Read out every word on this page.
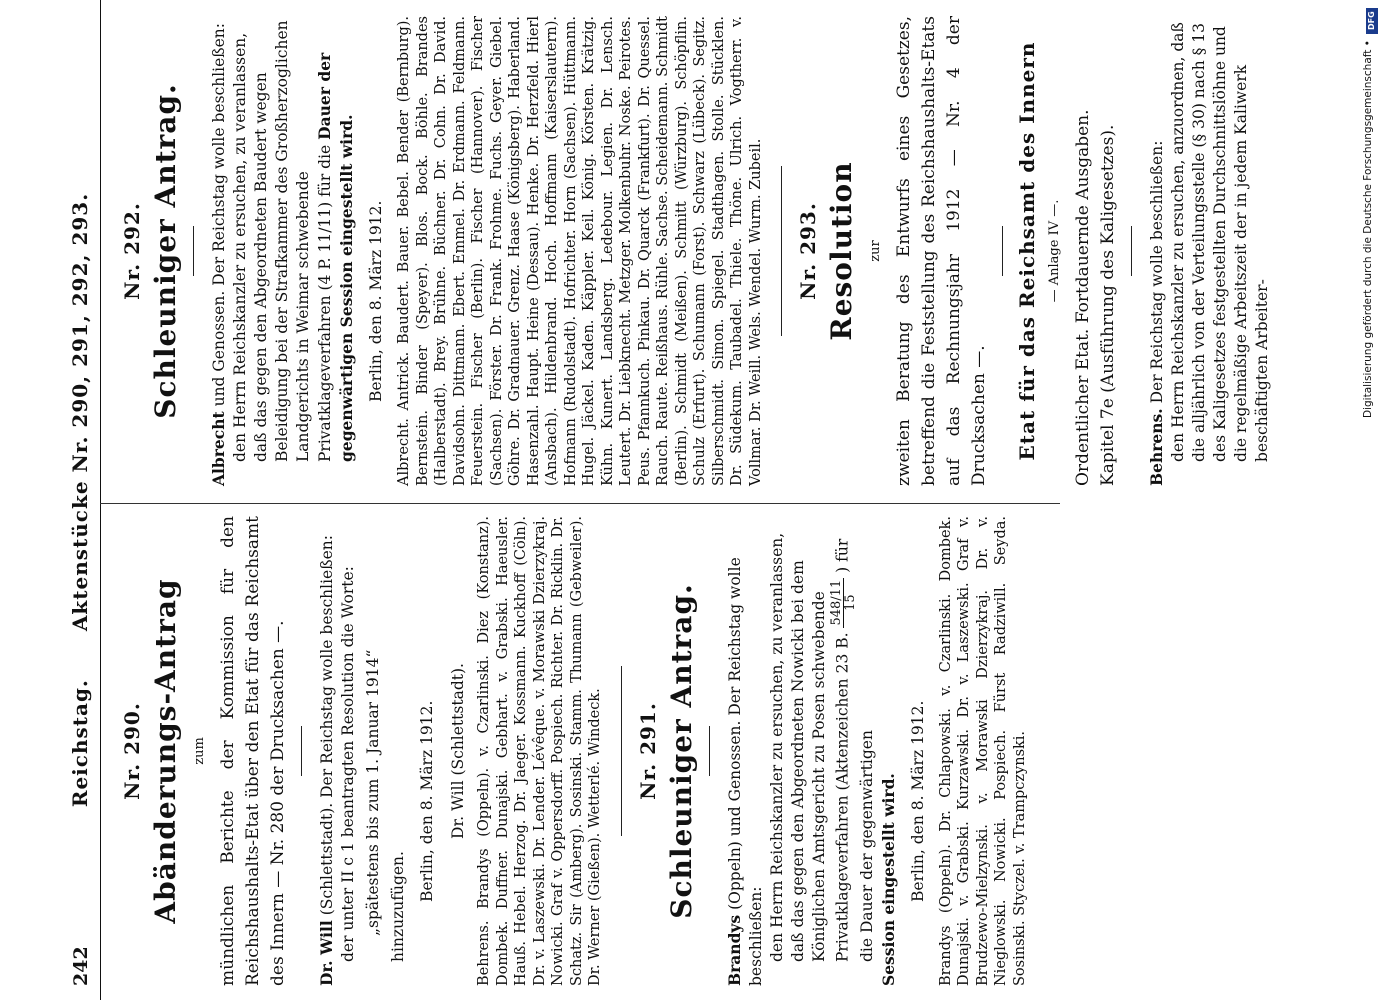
242
Reichstag. Aktenstücke Nr. 290, 291, 292, 293.
Nr. 290. Abänderungs-Antrag zum mündlichen Berichte der Kommission für den Reichshaushalts-Etat über den Etat für das Reichsamt des Innern — Nr. 280 der Drucksachen —. Dr. Will (Schlettstadt). Der Reichstag wolle beschließen: der unter II c 1 beantragten Resolution die Worte: „spätestens bis zum 1. Januar 1914“ hinzuzufügen.

Berlin, den 8. März 1912. Dr. Will (Schlettstadt). Behrens. Brandys (Oppeln). v. Czarlinski. Diez (Konstanz). Dombek. Duffner. Dunajski. Gebhart. v. Grabski. Haeusler. Hauß. Hebel. Herzog. Dr. Jaeger. Kossmann. Kuckhoff (Cöln). Dr. v. Laszewski. Dr. Lender. Lévêque. v. Morawski Dzierzykraj. Nowicki. Graf v. Oppersdorff. Pospiech. Richter. Dr. Ricklin. Dr. Schatz. Sir (Amberg). Sosinski. Stamm. Thumann (Gebweiler). Dr. Werner (Gießen). Wetterlé. Windeck. Nr. 291. Schleuniger Antrag.

Brandys (Oppeln) und Genossen. Der Reichstag wolle beschließen: den Herrn Reichskanzler zu ersuchen, zu veranlassen, daß das gegen den Abgeordneten Nowicki bei dem Königlichen Amtsgericht zu Posen schwebende Privatklageverfahren (Aktenzeichen 23 B.
548/11 15
) für die Dauer der gegenwärtigen Session eingestellt wird. Berlin, den 8. März 1912. Brandys (Oppeln). Dr. Chlapowski. v. Czarlinski. Dombek. Dunajski. v. Grabski. Kurzawski. Dr. v. Laszewski. Graf v. Brudzewo-Mielzynski. v. Morawski Dzierzykraj. Dr. v. Nieglowski. Nowicki. Pospiech. Fürst Radziwill. Seyda. Sosinski. Styczel. v. Trampczynski.

Nr. 292. Schleuniger Antrag.

Albrecht und Genossen. Der Reichstag wolle beschließen: den Herrn Reichskanzler zu ersuchen, zu veranlassen, daß das gegen den Abgeordneten Baudert wegen Beleidigung bei der Strafkammer des Großherzoglichen Landgerichts in Weimar schwebende Privatklageverfahren (4 P. 11/11) für die Dauer der gegenwärtigen Session eingestellt wird. Berlin, den 8. März 1912. Albrecht. Antrick. Baudert. Bauer. Bebel. Bender (Bernburg). Bernstein. Binder (Speyer). Blos. Bock. Böhle. Brandes (Halberstadt). Brey. Brühne. Büchner. Dr. Cohn. Dr. David. Davidsohn. Dittmann. Ebert. Emmel. Dr. Erdmann. Feldmann. Feuerstein. Fischer (Berlin). Fischer (Hannover). Fischer (Sachsen). Förster. Dr. Frank. Frohme. Fuchs. Geyer. Giebel. Göhre. Dr. Gradnauer. Grenz. Haase (Königsberg). Haberland. Hasenzahl. Haupt. Heine (Dessau). Henke. Dr. Herzfeld. Hierl (Ansbach). Hildenbrand. Hoch. Hoffmann (Kaiserslautern). Hofmann (Rudolstadt). Hofrichter. Horn (Sachsen). Hüttmann. Hugel. Jäckel. Kaden. Käppler. Keil. König. Körsten. Krätzig. Kühn. Kunert. Landsberg. Ledebour. Legien. Dr. Lensch. Leutert. Dr. Liebknecht. Metzger. Molkenbuhr. Noske. Peirotes. Peus. Pfannkuch. Pinkau. Dr. Quarck (Frankfurt). Dr. Quessel. Rauch. Raute. Reißhaus. Rühle. Sachse. Scheidemann. Schmidt (Berlin). Schmidt (Meißen). Schmitt (Würzburg). Schöpflin. Schulz (Erfurt). Schumann (Forst). Schwarz (Lübeck). Segitz. Silberschmidt. Simon. Spiegel. Stadthagen. Stolle. Stücklen. Dr. Südekum. Taubadel. Thiele. Thöne. Ulrich. Vogtherr. v. Vollmar. Dr. Weill. Wels. Wendel. Wurm. Zubeil. Nr. 293. Resolution zur zweiten Beratung des Entwurfs eines Gesetzes, betreffend die Feststellung des Reichshaushalts-Etats auf das Rechnungsjahr 1912 — Nr. 4 der Drucksachen —. Etat für das Reichsamt des Innern — Anlage IV —. Ordentlicher Etat. Fortdauernde Ausgaben. Kapitel 7e (Ausführung des Kaligesetzes). Behrens. Der Reichstag wolle beschließen: den Herrn Reichskanzler zu ersuchen, anzuordnen, daß die alljährlich von der Verteilungsstelle (§ 30) nach § 13 des Kaligesetzes festgestellten Durchschnittslöhne und die regelmäßige Arbeitszeit der in jedem Kaliwerk beschäftigten Arbeiter-

DFG
Digitalisierung gefördert durch die Deutsche Forschungsgemeinschaft •
